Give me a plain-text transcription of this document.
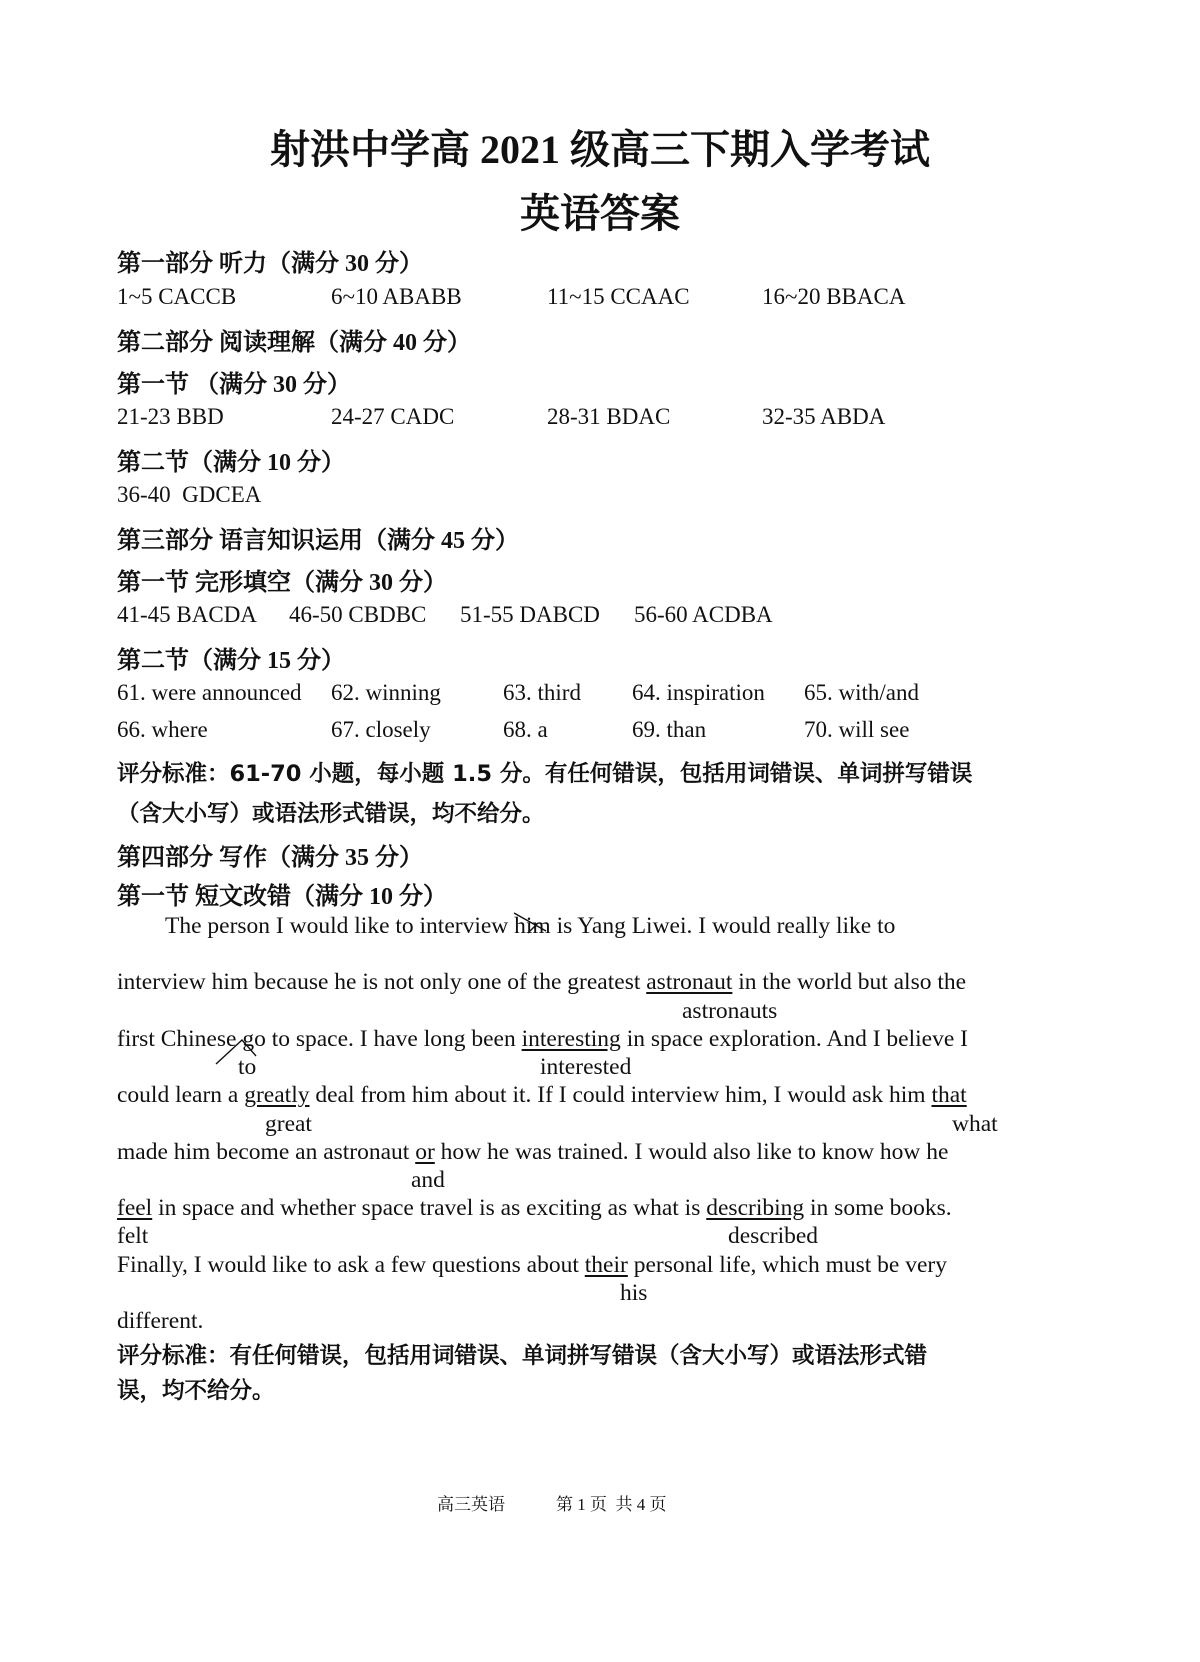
射洪中学高 2021 级高三下期入学考试
英语答案
第一部分 听力（满分 30 分）
1~5 CACCB	6~10 ABABB	11~15 CCAAC	16~20 BBACA
第二部分 阅读理解（满分 40 分）
第一节 （满分 30 分）
21-23 BBD	24-27 CADC	28-31 BDAC	32-35 ABDA
第二节（满分 10 分）
36-40  GDCEA
第三部分 语言知识运用（满分 45 分）
第一节 完形填空（满分 30 分）
41-45 BACDA 46-50 CBDBC 51-55 DABCD 56-60 ACDBA
第二节（满分 15 分）
61. were announced 62. winning	63. third 64. inspiration 65. with/and
66. where	67. closely	68. a	69. than	70. will see
评分标准：61-70 小题，每小题 1.5 分。有任何错误，包括用词错误、单词拼写错误
（含大小写）或语法形式错误，均不给分。
第四部分 写作（满分 35 分）
第一节 短文改错（满分 10 分）
The person I would like to interview him
is Yang Liwei. I would really like to
interview him because he is not only one of the greatest astronaut in the world but also the
astronauts
first Chinese go to space. I have long been interesting in space exploration. And I believe I
to	interested
could learn a greatly deal from him about it. If I could interview him, I would ask him that
great	what
made him become an astronaut or how he was trained. I would also like to know how he
and
feel in space and whether space travel is as exciting as what is describing in some books.
felt	described
Finally, I would like to ask a few questions about their personal life, which must be very
his
different.
评分标准：有任何错误，包括用词错误、单词拼写错误（含大小写）或语法形式错
误，均不给分。
高三英语	第 1 页  共 4 页
